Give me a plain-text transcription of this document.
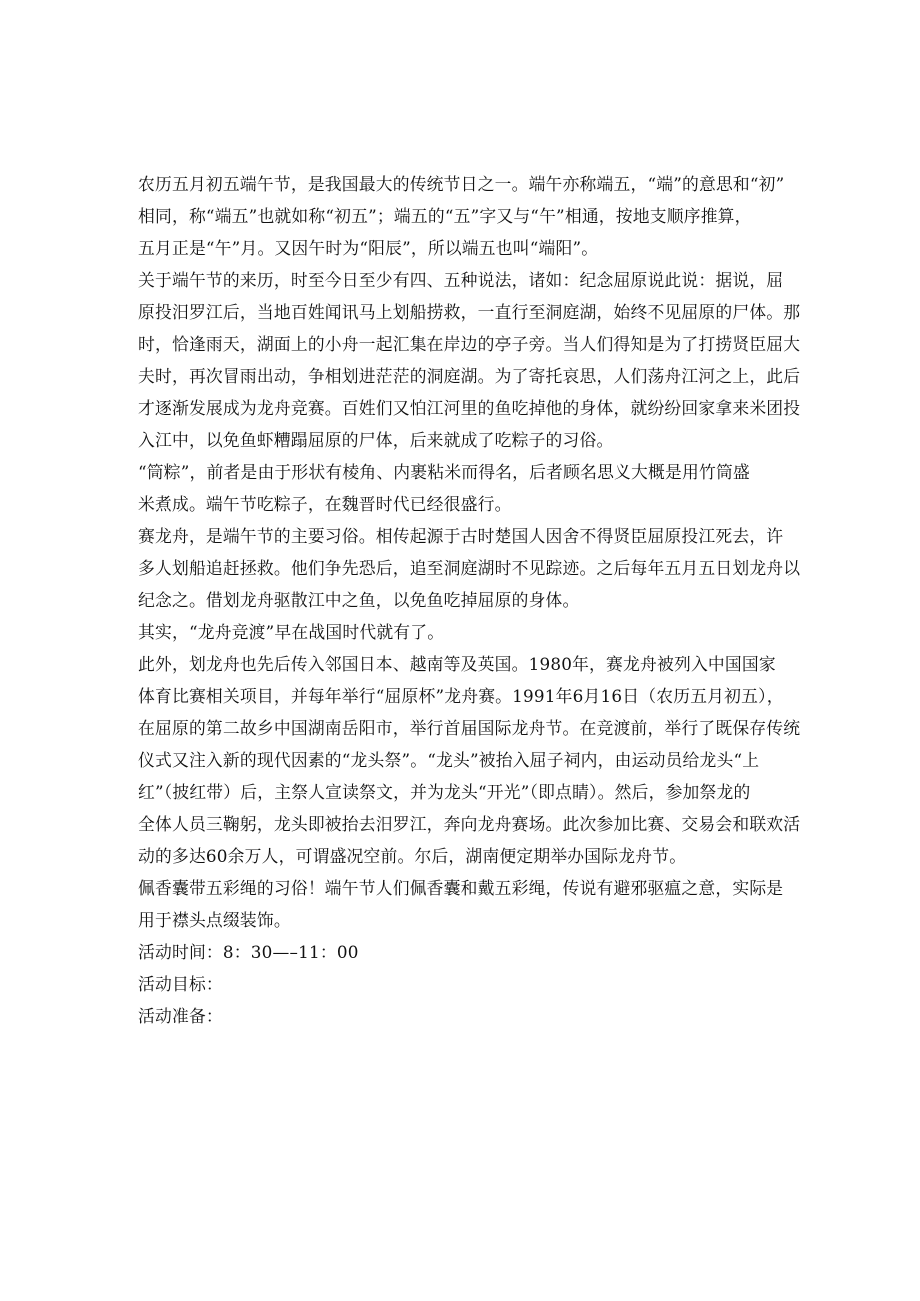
农历五月初五端午节，是我国最大的传统节日之一。端午亦称端五，“端”的意思和“初”
相同，称“端五”也就如称“初五”；端五的“五”字又与“午”相通，按地支顺序推算，
五月正是“午”月。又因午时为“阳辰”，所以端五也叫“端阳”。

关于端午节的来历，时至今日至少有四、五种说法，诸如：纪念屈原说此说：据说，屈
原投汨罗江后，当地百姓闻讯马上划船捞救，一直行至洞庭湖，始终不见屈原的尸体。那
时，恰逢雨天，湖面上的小舟一起汇集在岸边的亭子旁。当人们得知是为了打捞贤臣屈大
夫时，再次冒雨出动，争相划进茫茫的洞庭湖。为了寄托哀思，人们荡舟江河之上，此后
才逐渐发展成为龙舟竞赛。百姓们又怕江河里的鱼吃掉他的身体，就纷纷回家拿来米团投
入江中，以免鱼虾糟蹋屈原的尸体，后来就成了吃粽子的习俗。

“筒粽”，前者是由于形状有棱角、内裹粘米而得名，后者顾名思义大概是用竹筒盛
米煮成。端午节吃粽子，在魏晋时代已经很盛行。

赛龙舟，是端午节的主要习俗。相传起源于古时楚国人因舍不得贤臣屈原投江死去，许
多人划船追赶拯救。他们争先恐后，追至洞庭湖时不见踪迹。之后每年五月五日划龙舟以
纪念之。借划龙舟驱散江中之鱼，以免鱼吃掉屈原的身体。

其实，“龙舟竞渡”早在战国时代就有了。

此外，划龙舟也先后传入邻国日本、越南等及英国。1980年，赛龙舟被列入中国国家
体育比赛相关项目，并每年举行“屈原杯”龙舟赛。1991年6月16日（农历五月初五），
在屈原的第二故乡中国湖南岳阳市，举行首届国际龙舟节。在竞渡前，举行了既保存传统
仪式又注入新的现代因素的“龙头祭”。“龙头”被抬入屈子祠内，由运动员给龙头“上
红”（披红带）后，主祭人宣读祭文，并为龙头“开光”（即点睛）。然后，参加祭龙的
全体人员三鞠躬，龙头即被抬去汨罗江，奔向龙舟赛场。此次参加比赛、交易会和联欢活
动的多达60余万人，可谓盛况空前。尔后，湖南便定期举办国际龙舟节。

佩香囊带五彩绳的习俗！端午节人们佩香囊和戴五彩绳，传说有避邪驱瘟之意，实际是
用于襟头点缀装饰。

活动时间：8：30—–11：00

活动目标：

活动准备：
